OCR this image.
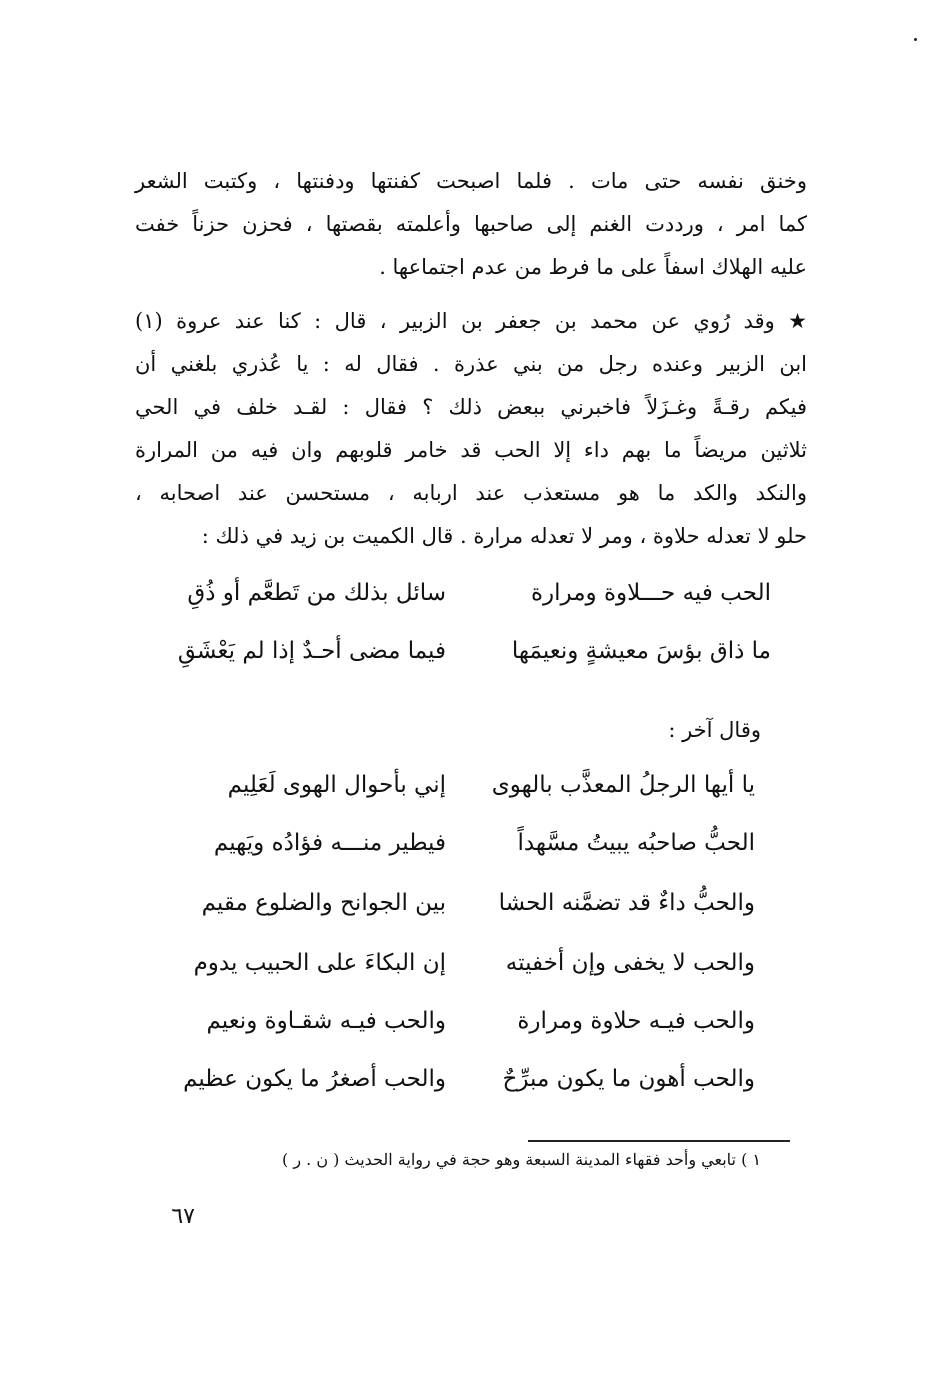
وخنق نفسه حتى مات . فلما اصبحت كفنتها ودفنتها ، وكتبت الشعر
كما امر ، ورددت الغنم إلى صاحبها وأعلمته بقصتها ، فحزن حزناً خفت
عليه الهلاك اسفاً على ما فرط من عدم اجتماعها .
★ وقد رُوي عن محمد بن جعفر بن الزبير ، قال : كنا عند عروة (١)
ابن الزبير وعنده رجل من بني عذرة . فقال له : يا عُذري بلغني أن
فيكم رقـةً وغـزَلاً فاخبرني ببعض ذلك ؟ فقال : لقـد خلف في الحي
ثلاثين مريضاً ما بهم داء إلا الحب قد خامر قلوبهم وان فيه من المرارة
والنكد والكد ما هو مستعذب عند اربابه ، مستحسن عند اصحابه ،
حلو لا تعدله حلاوة ، ومر لا تعدله مرارة . قال الكميت بن زيد في ذلك :
الحب فيه حـــلاوة ومرارة
سائل بذلك من تَطعَّم أو ذُقِ
ما ذاق بؤسَ معيشةٍ ونعيمَها
فيما مضى أحـدٌ إذا لم يَعْشَقِ
وقال آخر :
يا أيها الرجلُ المعذَّب بالهوى
إني بأحوال الهوى لَعَلِيم
الحبُّ صاحبُه يبيتُ مسَّهداً
فيطير منـــه فؤادُه ويَهيم
والحبُّ داءٌ قد تضمَّنه الحشا
بين الجوانح والضلوع مقيم
والحب لا يخفى وإن أخفيته
إن البكاءَ على الحبيب يدوم
والحب فيـه حلاوة ومرارة
والحب فيـه شقـاوة ونعيم
والحب أهون ما يكون مبرِّحٌ
والحب أصغرُ ما يكون عظيم
١ ) تابعي وأحد فقهاء المدينة السبعة وهو حجة في رواية الحديث ( ن . ر )
٦٧
